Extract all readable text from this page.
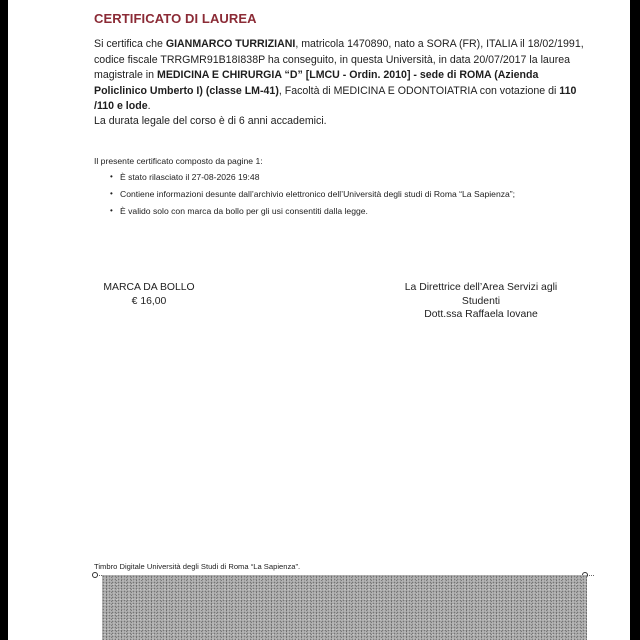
CERTIFICATO DI LAUREA
Si certifica che GIANMARCO TURRIZIANI, matricola 1470890, nato a SORA (FR), ITALIA il 18/02/1991, codice fiscale TRRGMR91B18I838P ha conseguito, in questa Università, in data 20/07/2017 la laurea magistrale in MEDICINA E CHIRURGIA “D” [LMCU - Ordin. 2010] - sede di ROMA (Azienda Policlinico Umberto I) (classe LM-41), Facoltà di MEDICINA E ODONTOIATRIA con votazione di 110 /110 e lode.
La durata legale del corso è di 6 anni accademici.
Il presente certificato composto da pagine 1:
• È stato rilasciato il 27-08-2026 19:48
• Contiene informazioni desunte dall’archivio elettronico dell’Università degli studi di Roma “La Sapienza”;
• È valido solo con marca da bollo per gli usi consentiti dalla legge.
MARCA DA BOLLO
€ 16,00
La Direttrice dell’Area Servizi agli Studenti
Dott.ssa Raffaela Iovane
Timbro Digitale Università degli Studi di Roma “La Sapienza”.
